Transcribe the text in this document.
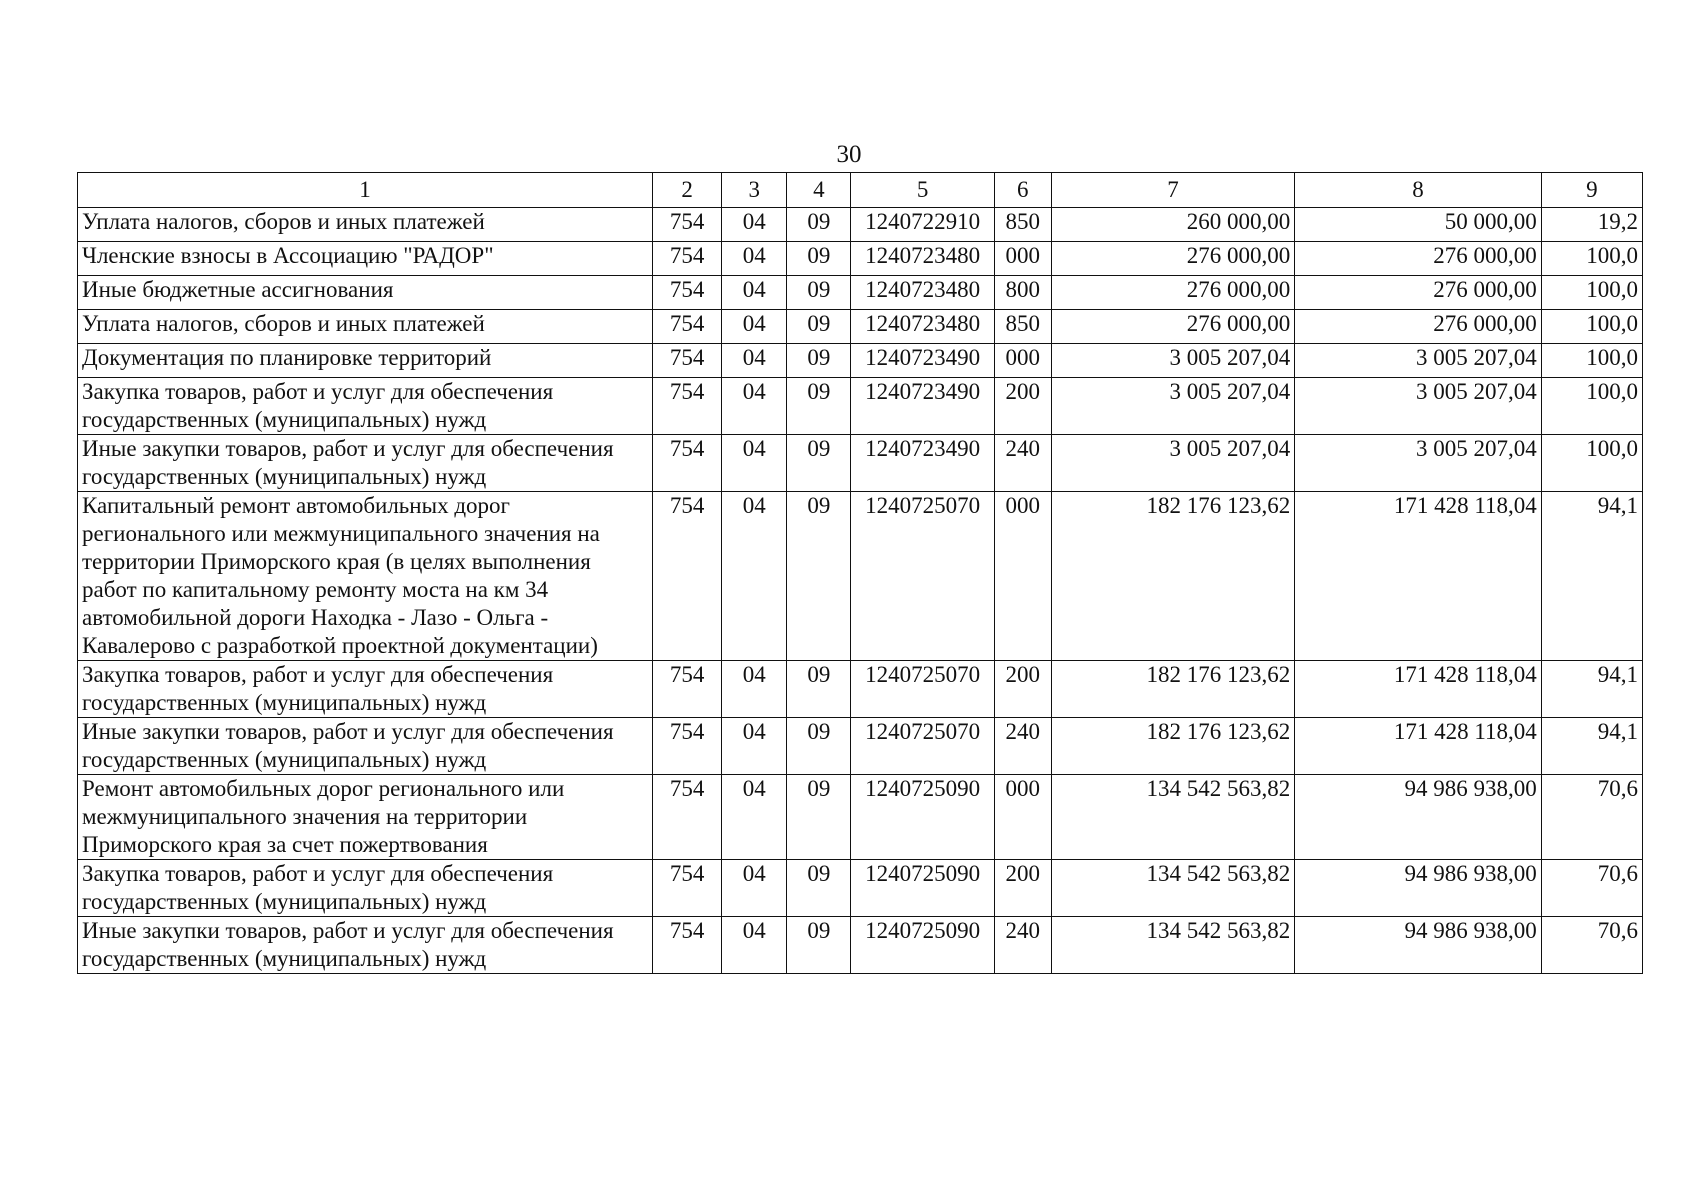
30
1	2	3	4	5	6	7	8	9
Уплата налогов, сборов и иных платежей	754	04	09	1240722910	850	260 000,00	50 000,00	19,2
Членские взносы в Ассоциацию "РАДОР"	754	04	09	1240723480	000	276 000,00	276 000,00	100,0
Иные бюджетные ассигнования	754	04	09	1240723480	800	276 000,00	276 000,00	100,0
Уплата налогов, сборов и иных платежей	754	04	09	1240723480	850	276 000,00	276 000,00	100,0
Документация по планировке территорий	754	04	09	1240723490	000	3 005 207,04	3 005 207,04	100,0
Закупка товаров, работ и услуг для обеспечения государственных (муниципальных) нужд	754	04	09	1240723490	200	3 005 207,04	3 005 207,04	100,0
Иные закупки товаров, работ и услуг для обеспечения государственных (муниципальных) нужд	754	04	09	1240723490	240	3 005 207,04	3 005 207,04	100,0
Капитальный ремонт автомобильных дорог регионального или межмуниципального значения на территории Приморского края (в целях выполнения работ по капитальному ремонту моста на км 34 автомобильной дороги Находка - Лазо - Ольга - Кавалерово с разработкой проектной документации)	754	04	09	1240725070	000	182 176 123,62	171 428 118,04	94,1
Закупка товаров, работ и услуг для обеспечения государственных (муниципальных) нужд	754	04	09	1240725070	200	182 176 123,62	171 428 118,04	94,1
Иные закупки товаров, работ и услуг для обеспечения государственных (муниципальных) нужд	754	04	09	1240725070	240	182 176 123,62	171 428 118,04	94,1
Ремонт автомобильных дорог регионального или межмуниципального значения на территории Приморского края за счет пожертвования	754	04	09	1240725090	000	134 542 563,82	94 986 938,00	70,6
Закупка товаров, работ и услуг для обеспечения государственных (муниципальных) нужд	754	04	09	1240725090	200	134 542 563,82	94 986 938,00	70,6
Иные закупки товаров, работ и услуг для обеспечения государственных (муниципальных) нужд	754	04	09	1240725090	240	134 542 563,82	94 986 938,00	70,6
